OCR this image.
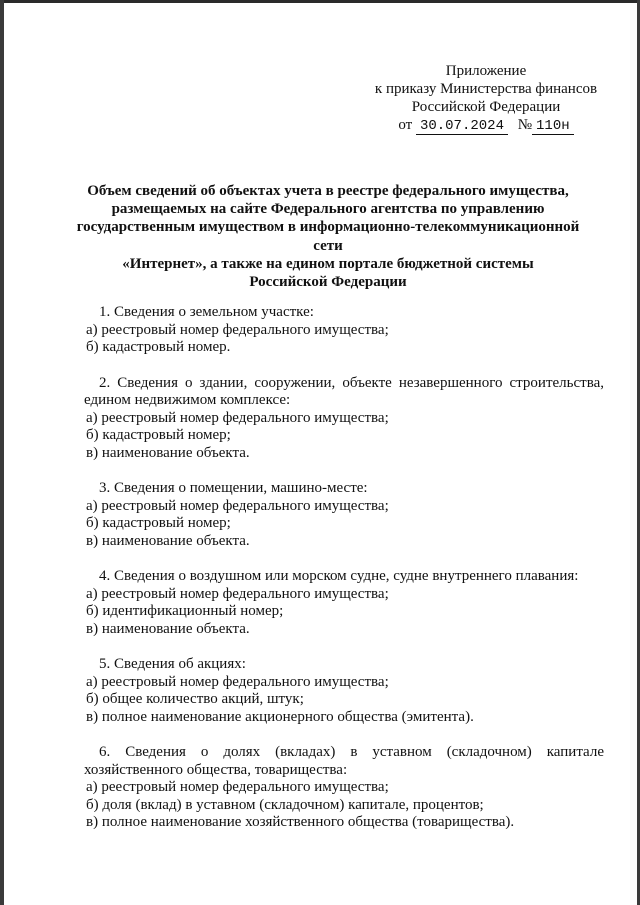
Приложение
к приказу Министерства финансов
Российской Федерации
от 30.07.2024 № 110н
Объем сведений об объектах учета в реестре федерального имущества,
размещаемых на сайте Федерального агентства по управлению
государственным имуществом в информационно-телекоммуникационной сети
«Интернет», а также на едином портале бюджетной системы
Российской Федерации

1. Сведения о земельном участке:

а) реестровый номер федерального имущества;

б) кадастровый номер.

2. Сведения о здании, сооружении, объекте незавершенного строительства,

едином недвижимом комплексе:

а) реестровый номер федерального имущества;

б) кадастровый номер;

в) наименование объекта.

3. Сведения о помещении, машино-месте:

а) реестровый номер федерального имущества;

б) кадастровый номер;

в) наименование объекта.

4. Сведения о воздушном или морском судне, судне внутреннего плавания:

а) реестровый номер федерального имущества;

б) идентификационный номер;

в) наименование объекта.

5. Сведения об акциях:

а) реестровый номер федерального имущества;

б) общее количество акций, штук;

в) полное наименование акционерного общества (эмитента).

6. Сведения о долях (вкладах) в уставном (складочном) капитале

хозяйственного общества, товарищества:

а) реестровый номер федерального имущества;

б) доля (вклад) в уставном (складочном) капитале, процентов;

в) полное наименование хозяйственного общества (товарищества).
